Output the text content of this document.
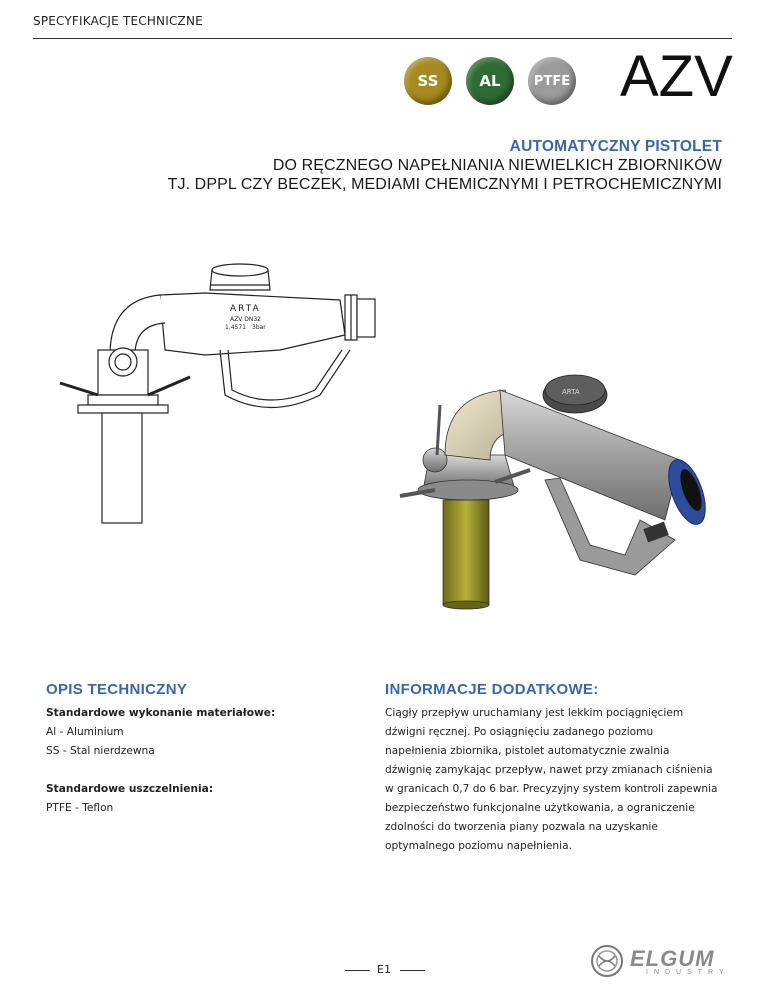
SPECYFIKACJE TECHNICZNE
SS	AL	PTFE AZV
AUTOMATYCZNY PISTOLET
DO RĘCZNEGO NAPEŁNIANIA NIEWIELKICH ZBIORNIKÓW
TJ. DPPL CZY BECZEK, MEDIAMI CHEMICZNYMI I PETROCHEMICZNYMI
ARTA
AZV DN32
1.4571 3bar
ARTA
OPIS TECHNICZNY
Standardowe wykonanie materiałowe:
Al - Aluminium
SS - Stal nierdzewna
Standardowe uszczelnienia:
PTFE - Teflon
INFORMACJE DODATKOWE:
Ciągły przepływ uruchamiany jest lekkim pociągnięciem
dźwigni ręcznej. Po osiągnięciu zadanego poziomu
napełnienia zbiornika, pistolet automatycznie zwalnia
dźwignię zamykając przepływ, nawet przy zmianach ciśnienia
w granicach 0,7 do 6 bar. Precyzyjny system kontroli zapewnia
bezpieczeństwo funkcjonalne użytkowania, a ograniczenie
zdolności do tworzenia piany pozwala na uzyskanie
optymalnego poziomu napełnienia.
E1	ELGUM
INDUSTRY
